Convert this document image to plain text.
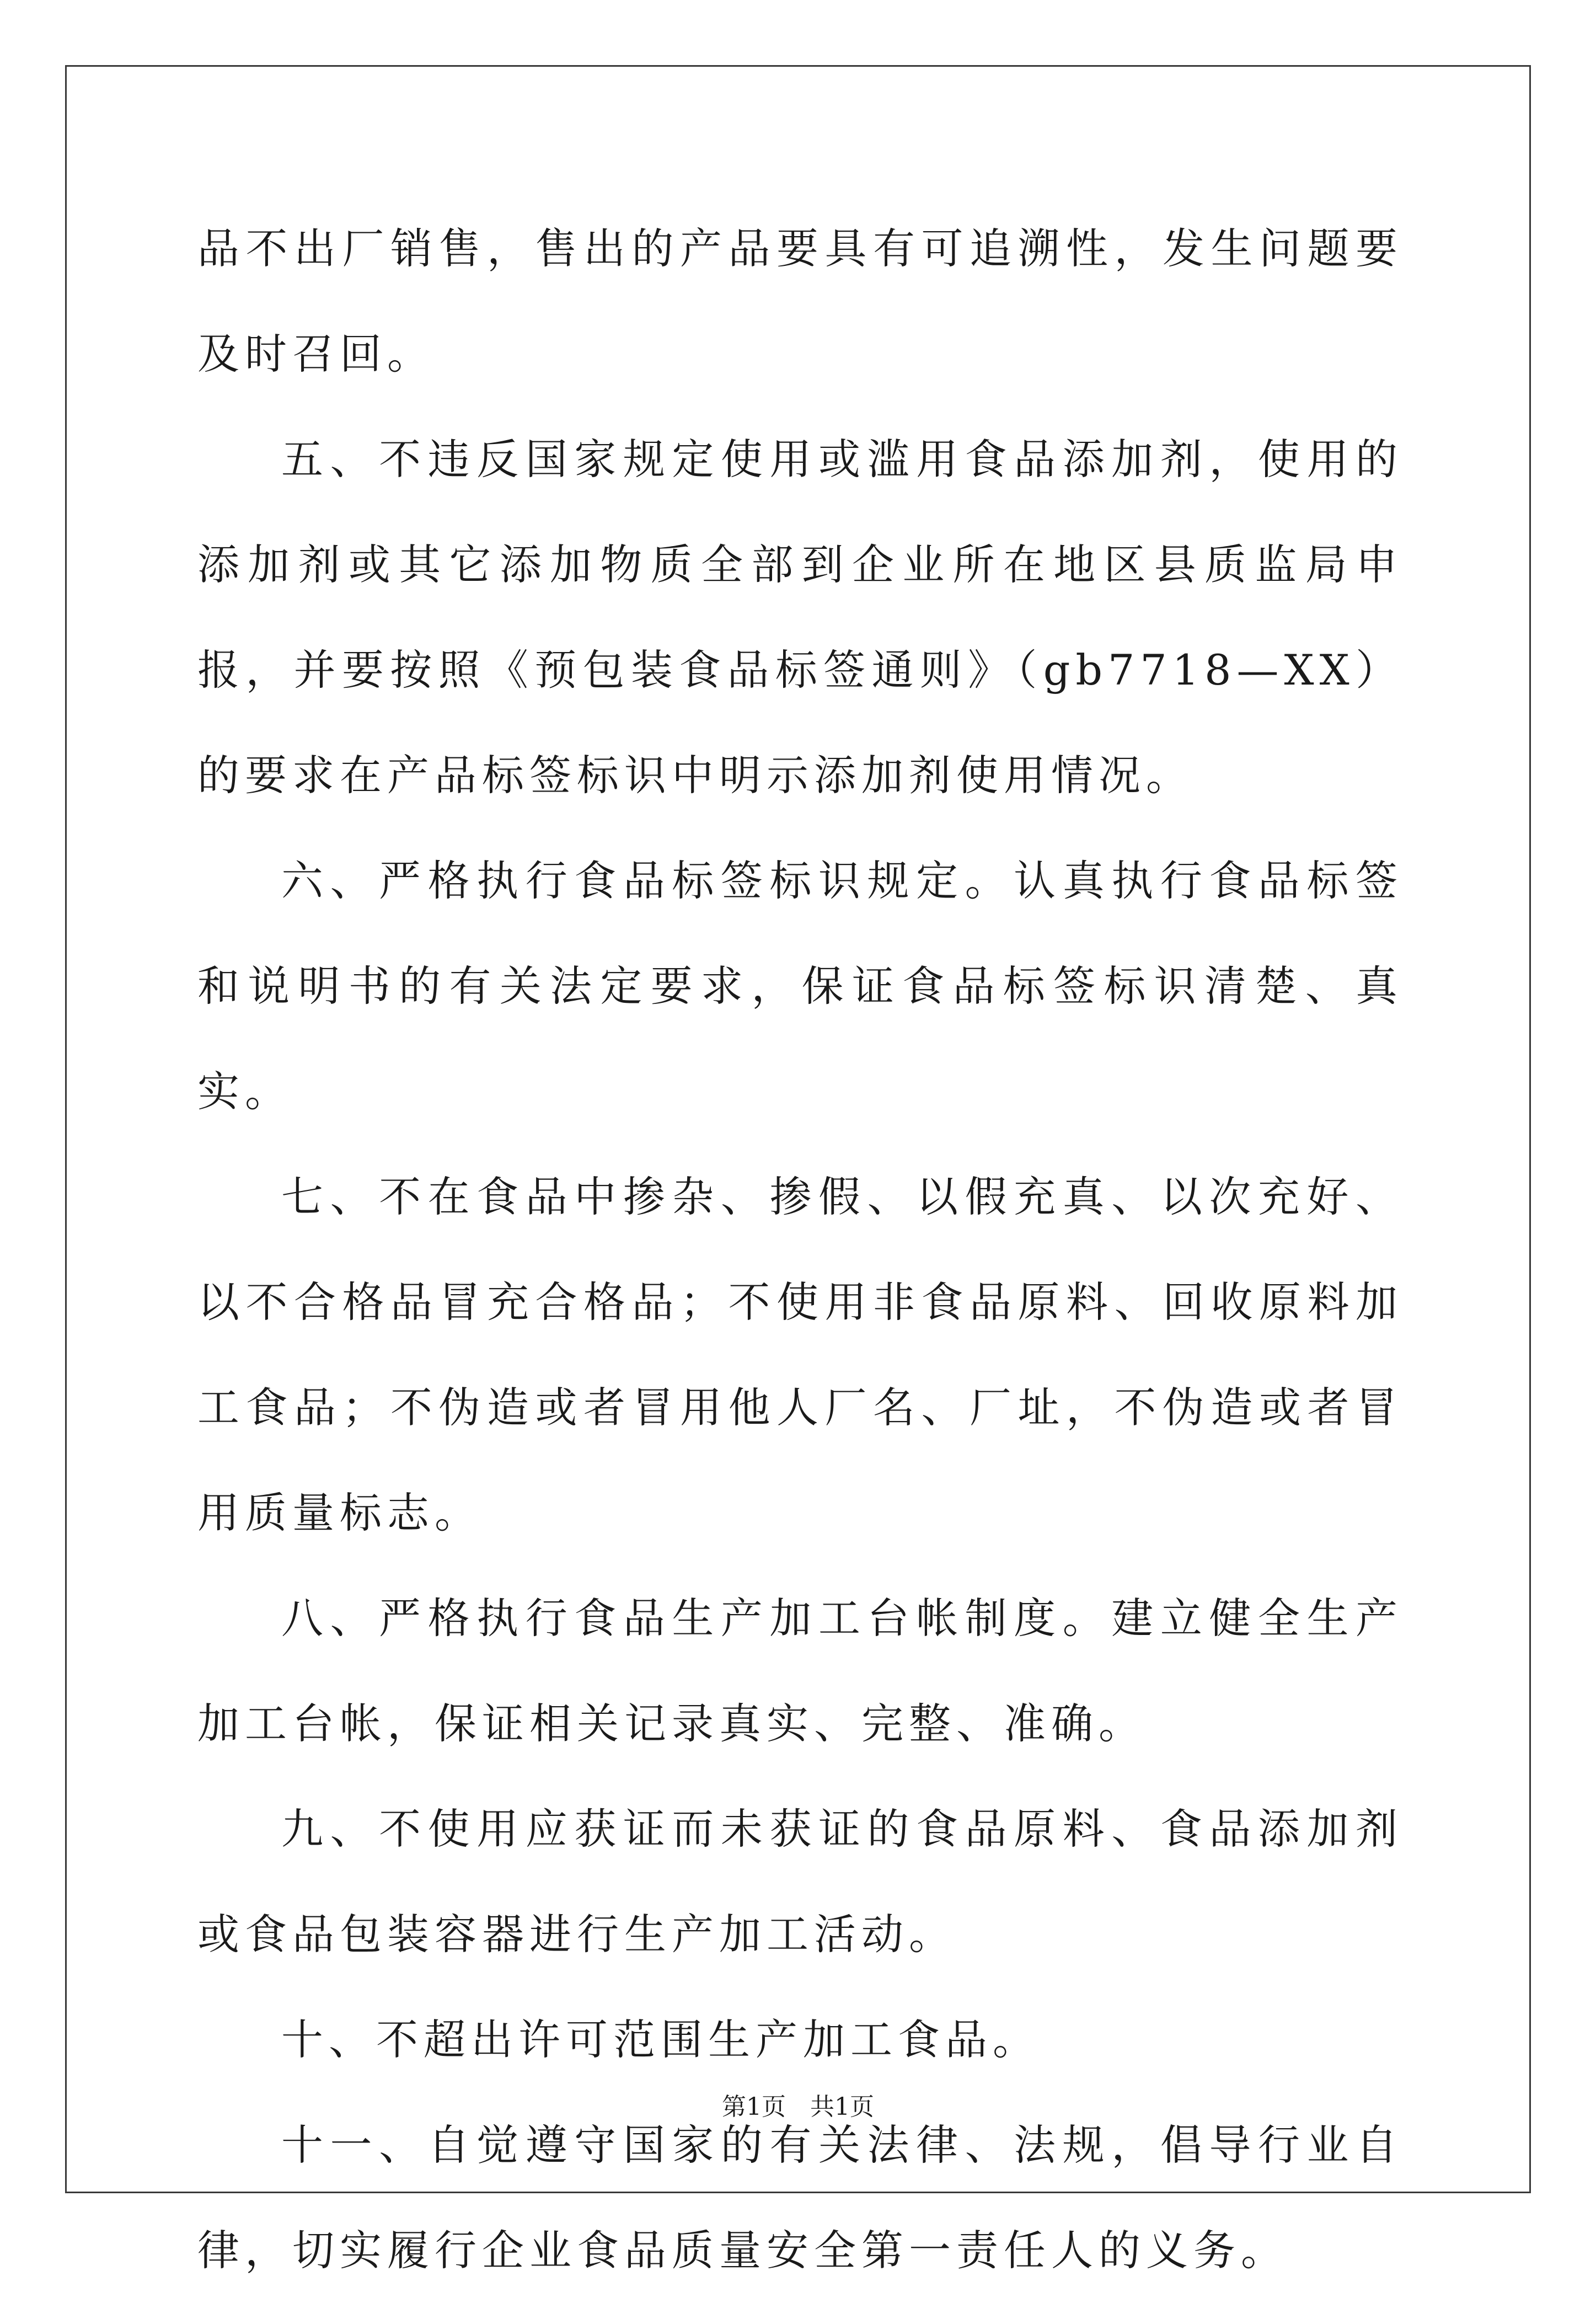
品不出厂销售，售出的产品要具有可追溯性，发生问题要及时召回。

五、不违反国家规定使用或滥用食品添加剂，使用的添加剂或其它添加物质全部到企业所在地区县质监局申报，并要按照《预包装食品标签通则》（gb7718—XX）的要求在产品标签标识中明示添加剂使用情况。

六、严格执行食品标签标识规定。认真执行食品标签和说明书的有关法定要求，保证食品标签标识清楚、真实。

七、不在食品中掺杂、掺假、以假充真、以次充好、以不合格品冒充合格品；不使用非食品原料、回收原料加工食品；不伪造或者冒用他人厂名、厂址，不伪造或者冒用质量标志。

八、严格执行食品生产加工台帐制度。建立健全生产加工台帐，保证相关记录真实、完整、准确。

九、不使用应获证而未获证的食品原料、食品添加剂或食品包装容器进行生产加工活动。

十、不超出许可范围生产加工食品。

十一、自觉遵守国家的有关法律、法规，倡导行业自律，切实履行企业食品质量安全第一责任人的义务。

第1页　共1页
